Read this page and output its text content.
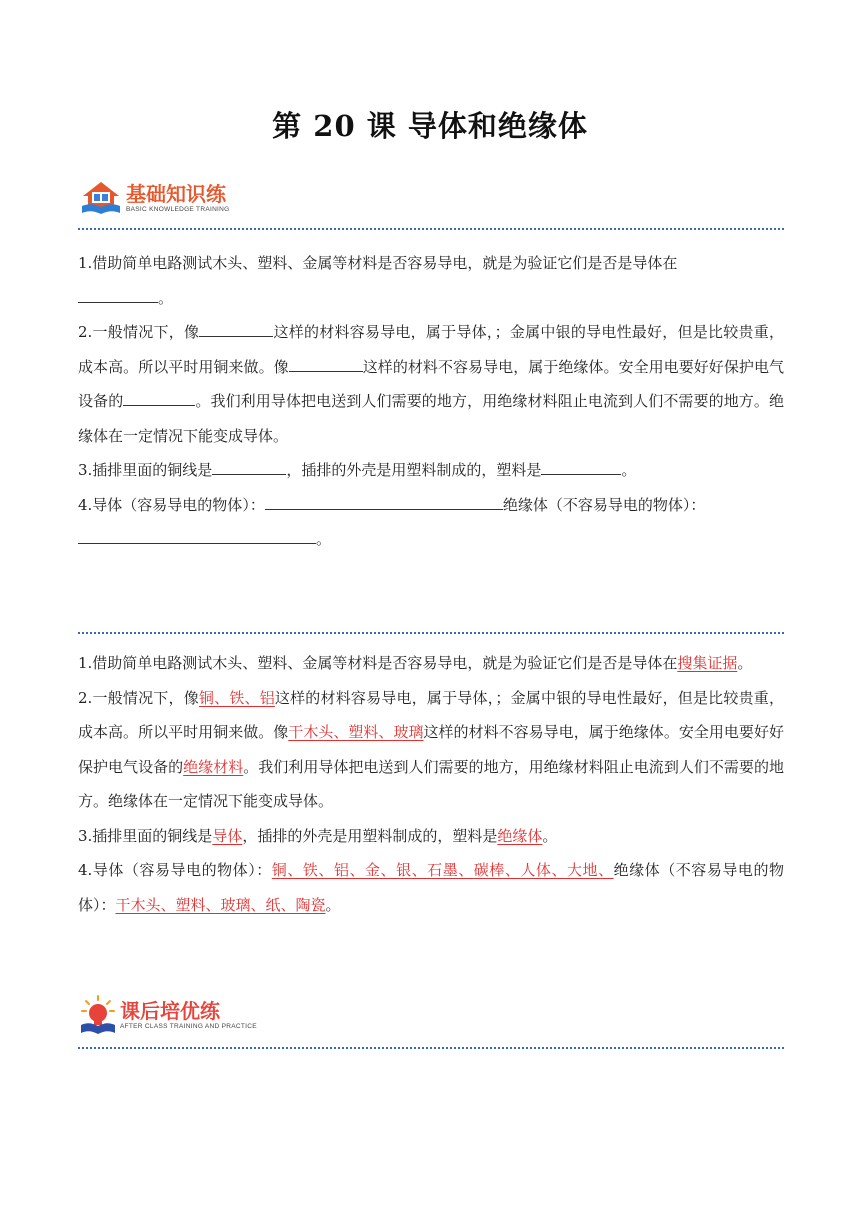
第 20 课 导体和绝缘体
基础知识练
BASIC KNOWLEDGE TRAINING

1.借助简单电路测试木头、塑料、金属等材料是否容易导电，就是为验证它们是否是导体在
。

2.一般情况下，像	这样的材料容易导电，属于导体，；金属中银的导电性最好，但是比较贵重，成本高。所以平时用铜来做。像	这样的材料不容易导电，属于绝缘体。安全用电要好好保护电气设备的	。我们利用导体把电送到人们需要的地方，用绝缘材料阻止电流到人们不需要的地方。绝缘体在一定情况下能变成导体。

3.插排里面的铜线是	，插排的外壳是用塑料制成的，塑料是	。

4.导体（容易导电的物体）：	绝缘体（不容易导电的物体）：
。

1.借助简单电路测试木头、塑料、金属等材料是否容易导电，就是为验证它们是否是导体在搜集证据。

2.一般情况下，像铜、铁、铝这样的材料容易导电，属于导体，；金属中银的导电性最好，但是比较贵重，成本高。所以平时用铜来做。像干木头、塑料、玻璃这样的材料不容易导电，属于绝缘体。安全用电要好好保护电气设备的绝缘材料。我们利用导体把电送到人们需要的地方，用绝缘材料阻止电流到人们不需要的地方。绝缘体在一定情况下能变成导体。

3.插排里面的铜线是导体，插排的外壳是用塑料制成的，塑料是绝缘体。

4.导体（容易导电的物体）：铜、铁、铝、金、银、石墨、碳棒、人体、大地、绝缘体（不容易导电的物体）：干木头、塑料、玻璃、纸、陶瓷。

课后培优练
AFTER CLASS TRAINING AND PRACTICE
